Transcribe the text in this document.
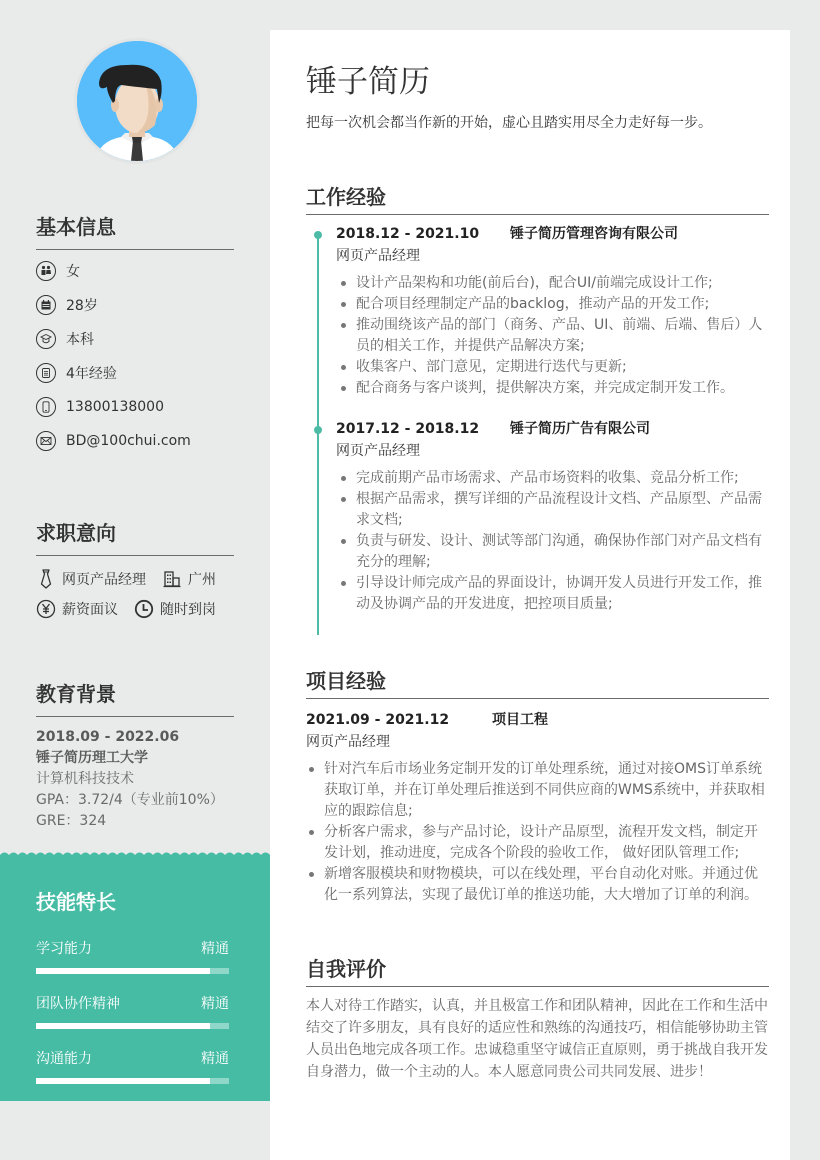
基本信息
女
28岁
本科
4年经验
13800138000
BD@100chui.com
求职意向
网页产品经理	广州
薪资面议	随时到岗
教育背景
2018.09 - 2022.06
锤子简历理工大学
计算机科技技术
GPA：3.72/4（专业前10%）
GRE：324
技能特长
学习能力	精通
团队协作精神	精通
沟通能力	精通
锤子简历
把每一次机会都当作新的开始，虚心且踏实用尽全力走好每一步。
工作经验
2018.12 - 2021.10	锤子简历管理咨询有限公司
网页产品经理
设计产品架构和功能(前后台)，配合UI/前端完成设计工作;
配合项目经理制定产品的backlog，推动产品的开发工作;
推动围绕该产品的部门（商务、产品、UI、前端、后端、售后）人员的相关工作，并提供产品解决方案;
收集客户、部门意见，定期进行迭代与更新;
配合商务与客户谈判，提供解决方案，并完成定制开发工作。
2017.12 - 2018.12	锤子简历广告有限公司
网页产品经理
完成前期产品市场需求、产品市场资料的收集、竞品分析工作;
根据产品需求，撰写详细的产品流程设计文档、产品原型、产品需求文档;
负责与研发、设计、测试等部门沟通，确保协作部门对产品文档有充分的理解;
引导设计师完成产品的界面设计，协调开发人员进行开发工作，推动及协调产品的开发进度，把控项目质量;
项目经验
2021.09 - 2021.12	项目工程
网页产品经理
针对汽车后市场业务定制开发的订单处理系统，通过对接OMS订单系统获取订单，并在订单处理后推送到不同供应商的WMS系统中，并获取相应的跟踪信息;
分析客户需求，参与产品讨论，设计产品原型，流程开发文档，制定开发计划，推动进度，完成各个阶段的验收工作， 做好团队管理工作;
新增客服模块和财物模块，可以在线处理，平台自动化对账。并通过优化一系列算法，实现了最优订单的推送功能，大大增加了订单的利润。
自我评价
本人对待工作踏实，认真，并且极富工作和团队精神，因此在工作和生活中结交了许多朋友，具有良好的适应性和熟练的沟通技巧，相信能够协助主管人员出色地完成各项工作。忠诚稳重坚守诚信正直原则，勇于挑战自我开发自身潜力，做一个主动的人。本人愿意同贵公司共同发展、进步！
